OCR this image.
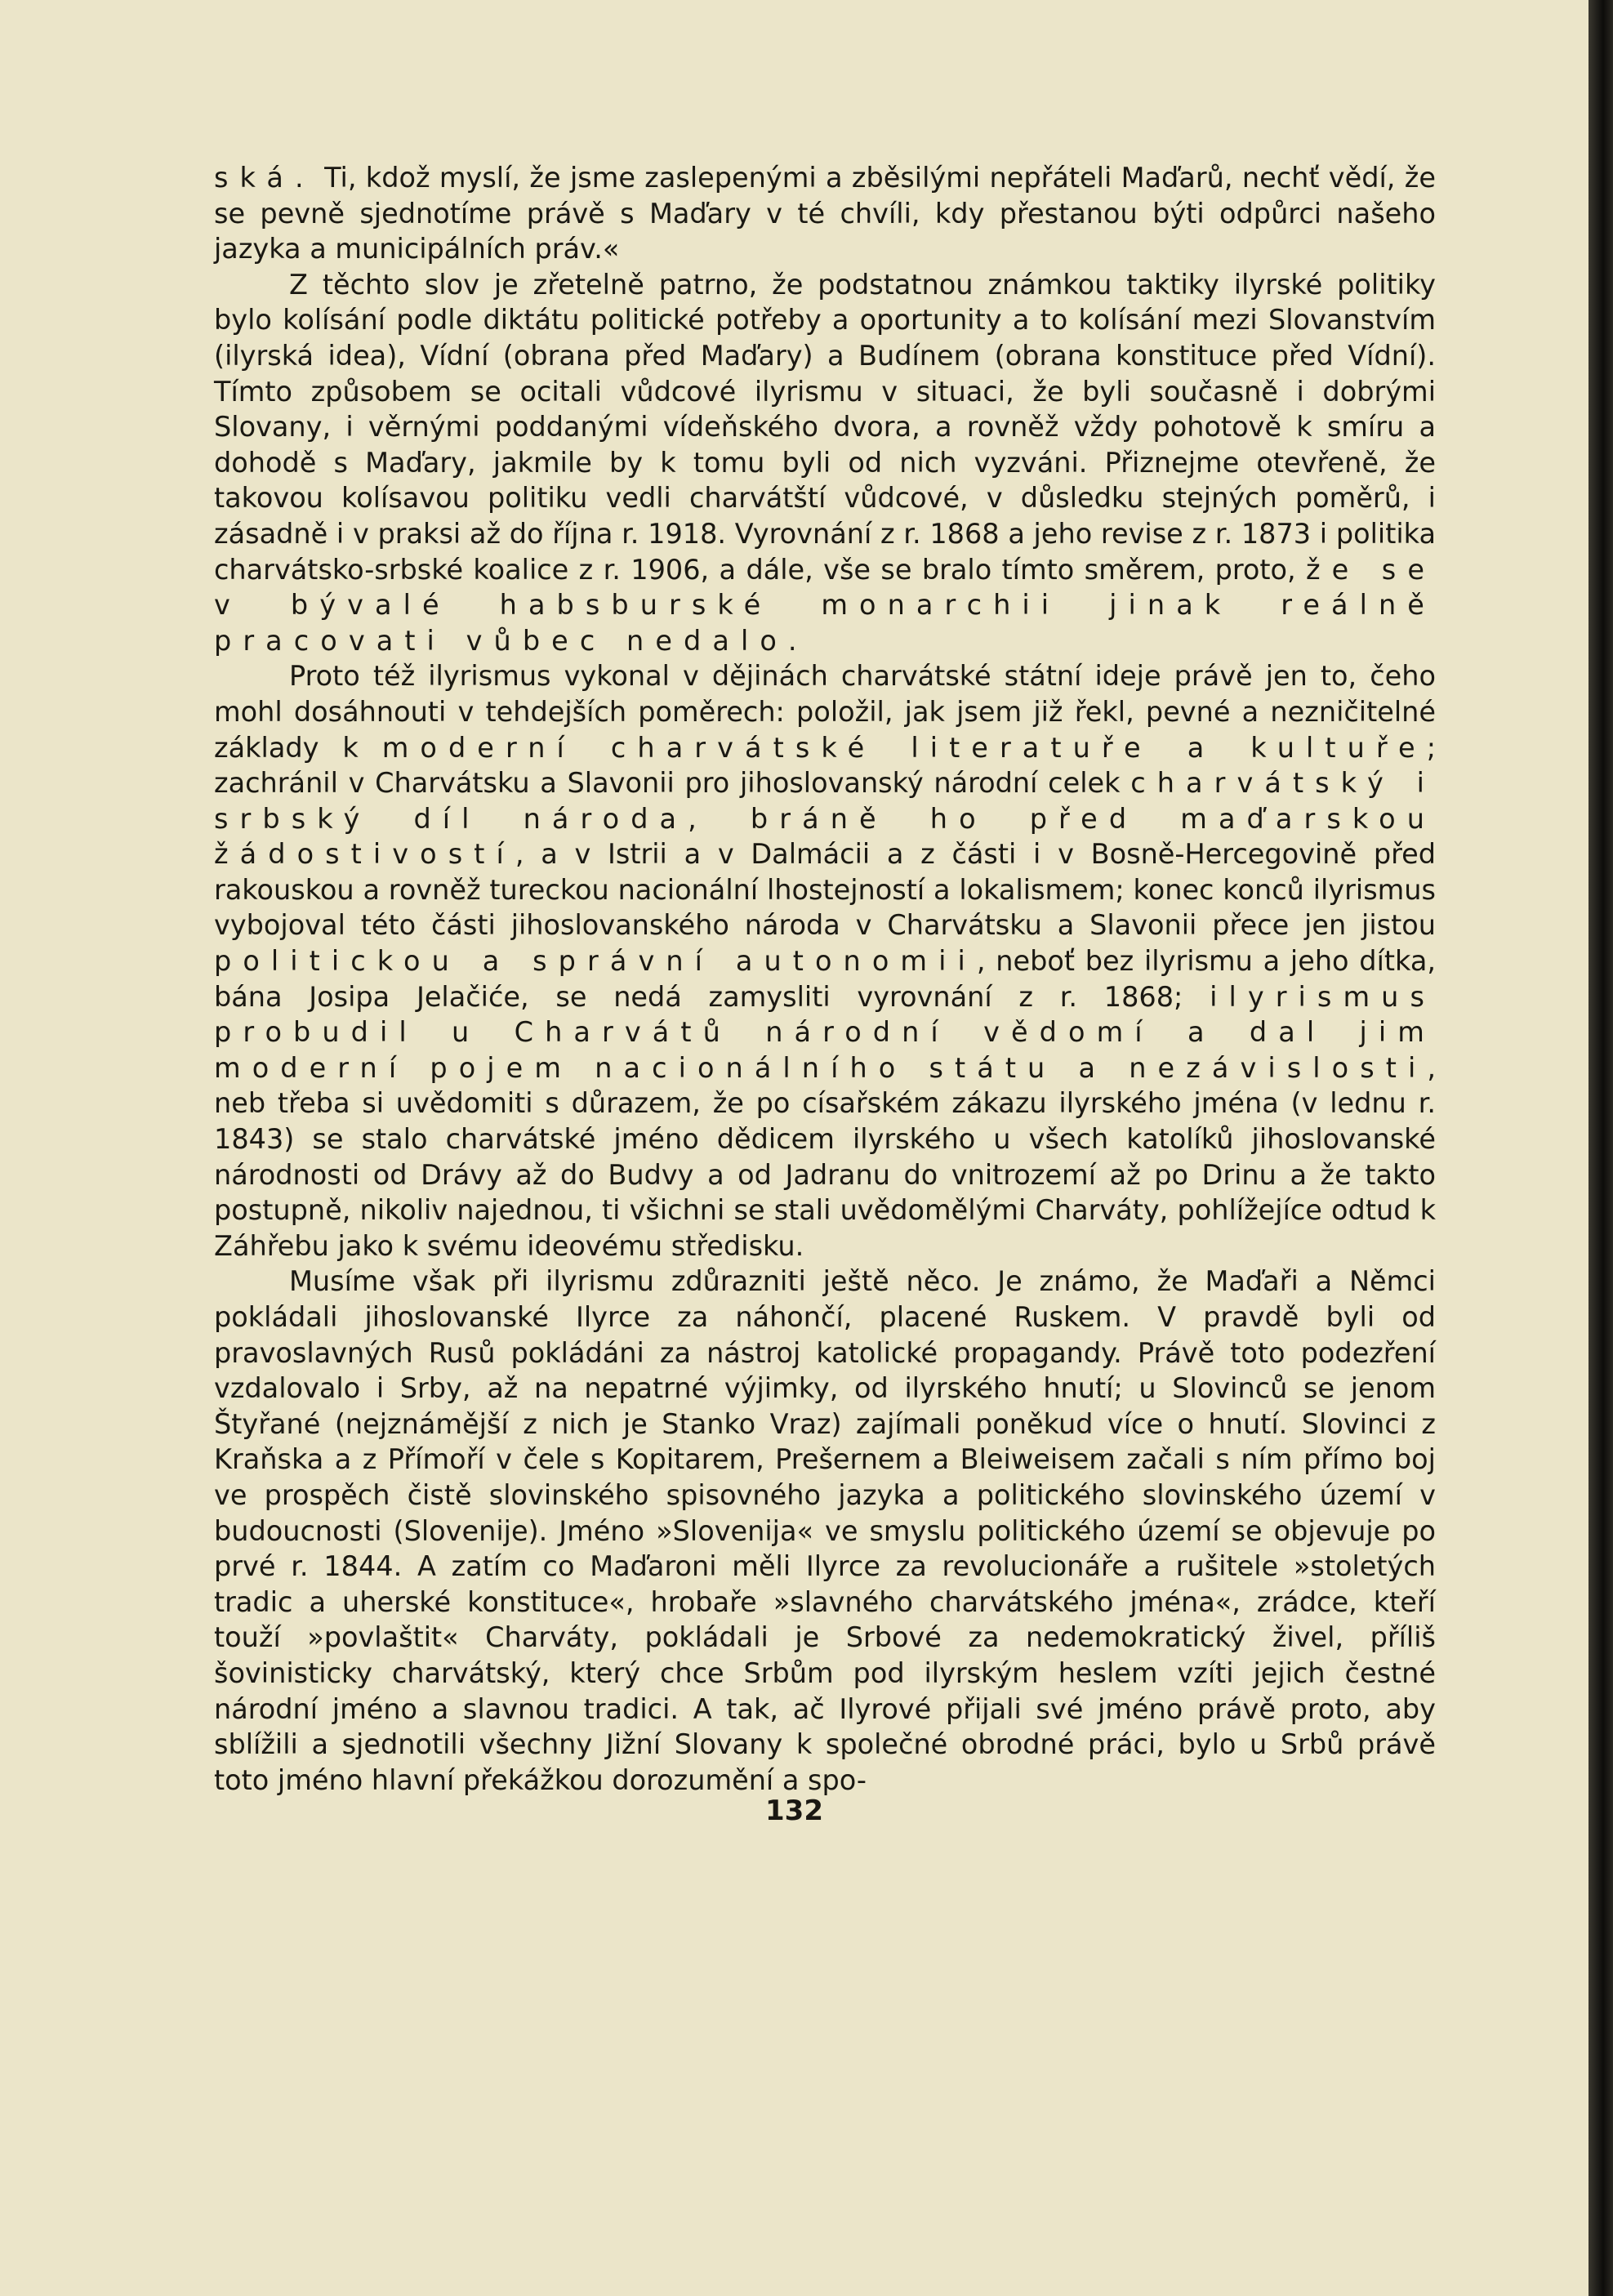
ská. Ti, kdož myslí, že jsme zaslepenými a zběsilými nepřáteli Maďarů, nechť vědí, že se pevně sjednotíme právě s Maďary v té chvíli, kdy přestanou býti odpůrci našeho jazyka a municipálních práv.«

Z těchto slov je zřetelně patrno, že podstatnou známkou taktiky ilyrské politiky bylo kolísání podle diktátu politické potřeby a oportunity a to kolísání mezi Slovanstvím (ilyrská idea), Vídní (obrana před Maďary) a Budínem (obrana konstituce před Vídní). Tímto způsobem se ocitali vůdcové ilyrismu v situaci, že byli současně i dobrými Slovany, i věrnými poddanými vídeňského dvora, a rovněž vždy pohotově k smíru a dohodě s Maďary, jakmile by k tomu byli od nich vyzváni. Přiznejme otevřeně, že takovou kolísavou politiku vedli charvátští vůdcové, v důsledku stejných poměrů, i zásadně i v praksi až do října r. 1918. Vyrovnání z r. 1868 a jeho revise z r. 1873 i politika charvátsko-srbské koalice z r. 1906, a dále, vše se bralo tímto směrem, proto, že se v bývalé habsburské monarchii jinak reálně pracovati vůbec nedalo.

Proto též ilyrismus vykonal v dějinách charvátské státní ideje právě jen to, čeho mohl dosáhnouti v tehdejších poměrech: položil, jak jsem již řekl, pevné a nezničitelné základy k moderní charvátské literatuře a kultuře; zachránil v Charvátsku a Slavonii pro jihoslovanský národní celek charvátský i srbský díl národa, bráně ho před maďarskou žádostivostí, a v Istrii a v Dalmácii a z části i v Bosně-Hercegovině před rakouskou a rovněž tureckou nacionální lhostejností a lokalismem; konec konců ilyrismus vybojoval této části jihoslovanského národa v Charvátsku a Slavonii přece jen jistou politickou a správní autonomii, neboť bez ilyrismu a jeho dítka, bána Josipa Jelačiće, se nedá zamysliti vyrovnání z r. 1868; ilyrismus probudil u Charvátů národní vědomí a dal jim moderní pojem nacionálního státu a nezávislosti, neb třeba si uvědomiti s důrazem, že po císařském zákazu ilyrského jména (v lednu r. 1843) se stalo charvátské jméno dědicem ilyrského u všech katolíků jihoslovanské národnosti od Drávy až do Budvy a od Jadranu do vnitrozemí až po Drinu a že takto postupně, nikoliv najednou, ti všichni se stali uvědomělými Charváty, pohlížejíce odtud k Záhřebu jako k svému ideovému středisku.

Musíme však při ilyrismu zdůrazniti ještě něco. Je známo, že Maďaři a Němci pokládali jihoslovanské Ilyrce za náhončí, placené Ruskem. V pravdě byli od pravoslavných Rusů pokládáni za nástroj katolické propagandy. Právě toto podezření vzdalovalo i Srby, až na nepatrné výjimky, od ilyrského hnutí; u Slovinců se jenom Štyřané (nejznámější z nich je Stanko Vraz) zajímali poněkud více o hnutí. Slovinci z Kraňska a z Přímoří v čele s Kopitarem, Prešernem a Bleiweisem začali s ním přímo boj ve prospěch čistě slovinského spisovného jazyka a politického slovinského území v budoucnosti (Slovenije). Jméno »Slovenija« ve smyslu politického území se objevuje po prvé r. 1844. A zatím co Maďaroni měli Ilyrce za revolucionáře a rušitele »stoletých tradic a uherské konstituce«, hrobaře »slavného charvátského jména«, zrádce, kteří touží »povlaštit« Charváty, pokládali je Srbové za nedemokratický živel, příliš šovinisticky charvátský, který chce Srbům pod ilyrským heslem vzíti jejich čestné národní jméno a slavnou tradici. A tak, ač Ilyrové přijali své jméno právě proto, aby sblížili a sjednotili všechny Jižní Slovany k společné obrodné práci, bylo u Srbů právě toto jméno hlavní překážkou dorozumění a spo-

132
